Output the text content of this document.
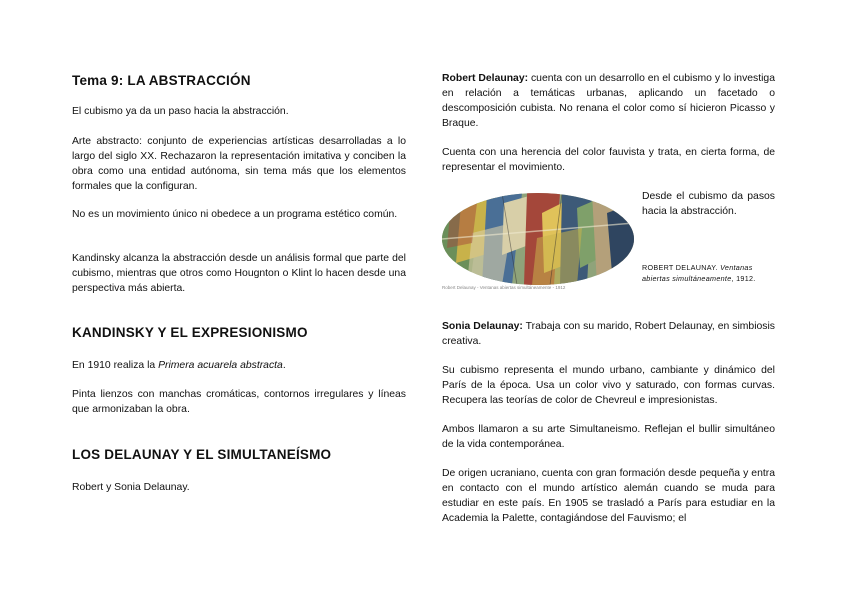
Tema 9: LA ABSTRACCIÓN

El cubismo ya da un paso hacia la abstracción.

Arte abstracto: conjunto de experiencias artísticas desarrolladas a lo largo del siglo XX. Rechazaron la representación imitativa y conciben la obra como una entidad autónoma, sin tema más que los elementos formales que la configuran.

No es un movimiento único ni obedece a un programa estético común.

Kandinsky alcanza la abstracción desde un análisis formal que parte del cubismo, mientras que otros como Hougnton o Klint lo hacen desde una perspectiva más abierta.

KANDINSKY Y EL EXPRESIONISMO

En 1910 realiza la Primera acuarela abstracta.

Pinta lienzos con manchas cromáticas, contornos irregulares y líneas que armonizaban la obra.

LOS DELAUNAY Y EL SIMULTANEÍSMO

Robert y Sonia Delaunay.

Robert Delaunay: cuenta con un desarrollo en el cubismo y lo investiga en relación a temáticas urbanas, aplicando un facetado o descomposición cubista. No renana el color como sí hicieron Picasso y Braque.

Cuenta con una herencia del color fauvista y trata, en cierta forma, de representar el movimiento.

Robert Delaunay - Ventanas abiertas simultáneamente - 1912

Desde el cubismo da pasos hacia la abstracción.

ROBERT DELAUNAY. Ventanas abiertas simultáneamente, 1912.

Sonia Delaunay: Trabaja con su marido, Robert Delaunay, en simbiosis creativa.

Su cubismo representa el mundo urbano, cambiante y dinámico del París de la época. Usa un color vivo y saturado, con formas curvas. Recupera las teorías de color de Chevreul e impresionistas.

Ambos llamaron a su arte Simultaneismo. Reflejan el bullir simultáneo de la vida contemporánea.

De origen ucraniano, cuenta con gran formación desde pequeña y entra en contacto con el mundo artístico alemán cuando se muda para estudiar en este país. En 1905 se trasladó a París para estudiar en la Academia la Palette, contagiándose del Fauvismo; el
